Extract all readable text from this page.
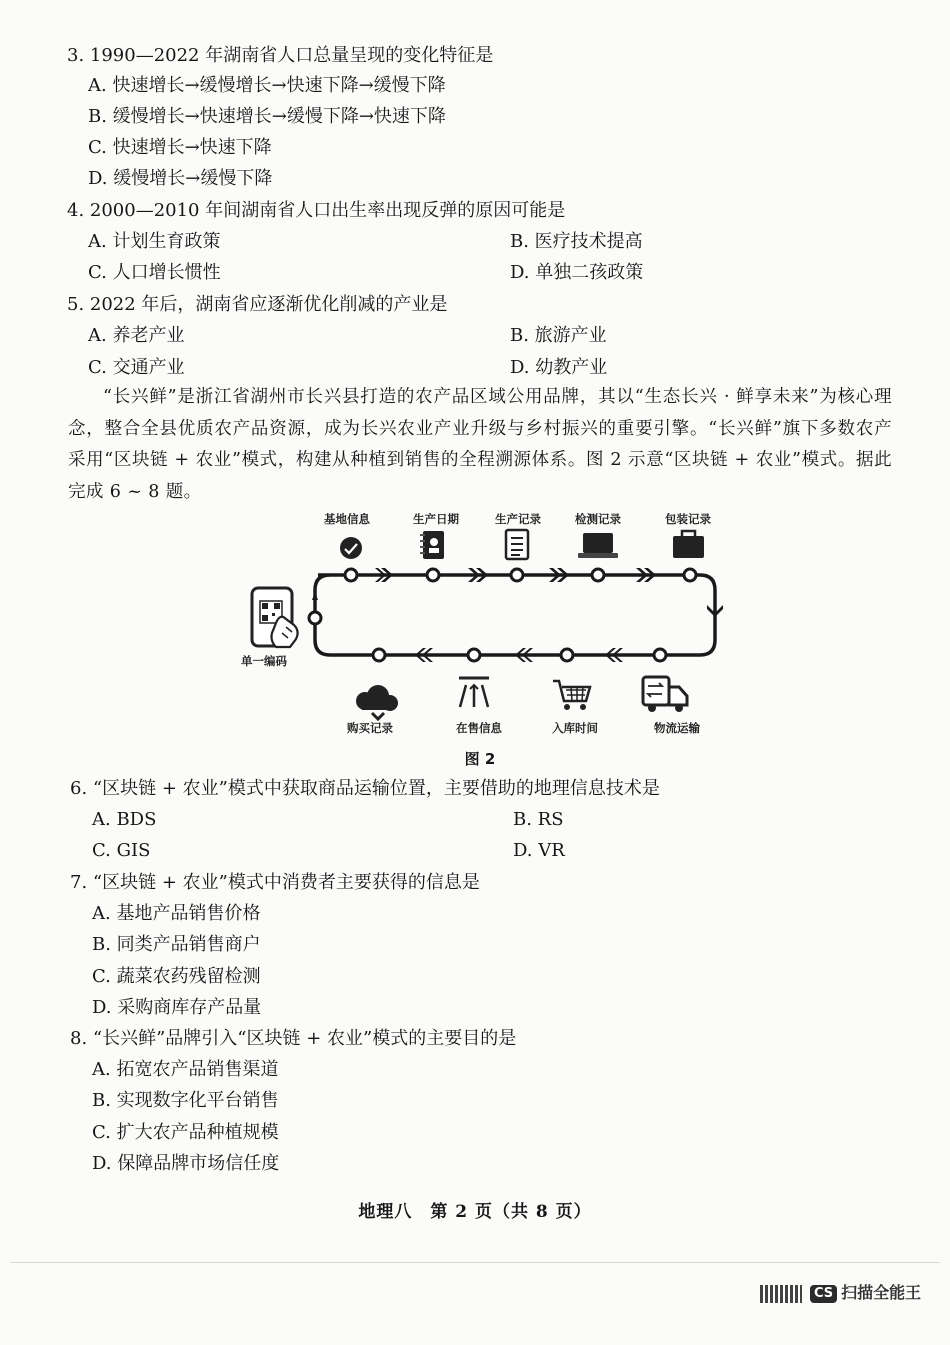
3. 1990—2022 年湖南省人口总量呈现的变化特征是
A. 快速增长→缓慢增长→快速下降→缓慢下降
B. 缓慢增长→快速增长→缓慢下降→快速下降
C. 快速增长→快速下降
D. 缓慢增长→缓慢下降
4. 2000—2010 年间湖南省人口出生率出现反弹的原因可能是
A. 计划生育政策	B. 医疗技术提高
C. 人口增长惯性	D. 单独二孩政策
5. 2022 年后，湖南省应逐渐优化削减的产业是
A. 养老产业	B. 旅游产业
C. 交通产业	D. 幼教产业
“长兴鲜”是浙江省湖州市长兴县打造的农产品区域公用品牌，其以“生态长兴 · 鲜享未来”为核心理念，整合全县优质农产品资源，成为长兴农业产业升级与乡村振兴的重要引擎。“长兴鲜”旗下多数农产采用“区块链 + 农业”模式，构建从种植到销售的全程溯源体系。图 2 示意“区块链 + 农业”模式。据此完成 6 ~ 8 题。
基地信息	生产日期	生产记录	检测记录	包装记录
单一编码
购买记录	在售信息	入库时间	物流运输
图 2
6. “区块链 + 农业”模式中获取商品运输位置，主要借助的地理信息技术是
A. BDS	B. RS
C. GIS	D. VR
7. “区块链 + 农业”模式中消费者主要获得的信息是
A. 基地产品销售价格
B. 同类产品销售商户
C. 蔬菜农药残留检测
D. 采购商库存产品量
8. “长兴鲜”品牌引入“区块链 + 农业”模式的主要目的是
A. 拓宽农产品销售渠道
B. 实现数字化平台销售
C. 扩大农产品种植规模
D. 保障品牌市场信任度
地理八　第 2 页（共 8 页）
CS 扫描全能王
